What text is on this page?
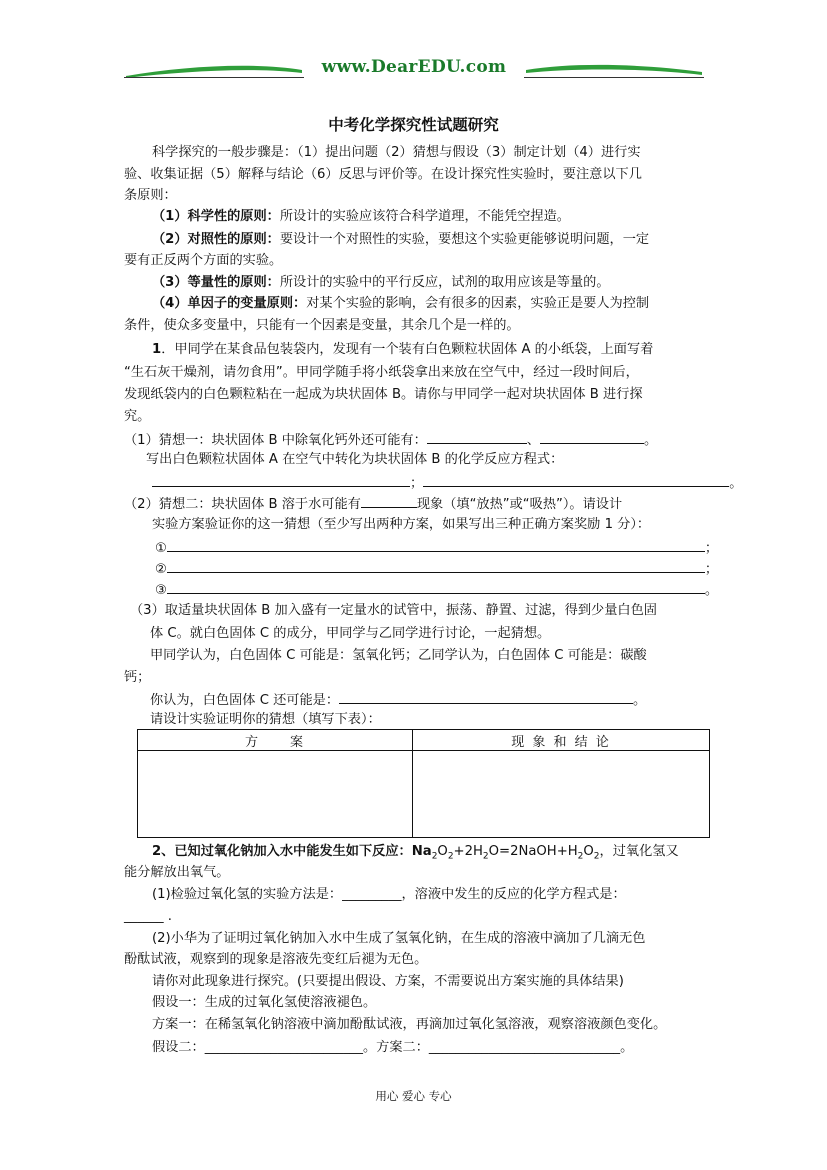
www.DearEDU.com
中考化学探究性试题研究
科学探究的一般步骤是：（1）提出问题（2）猜想与假设（3）制定计划（4）进行实
验、收集证据（5）解释与结论（6）反思与评价等。在设计探究性实验时，要注意以下几
条原则：
（1）科学性的原则：所设计的实验应该符合科学道理，不能凭空捏造。
（2）对照性的原则：要设计一个对照性的实验，要想这个实验更能够说明问题，一定
要有正反两个方面的实验。
（3）等量性的原则：所设计的实验中的平行反应，试剂的取用应该是等量的。
（4）单因子的变量原则：对某个实验的影响，会有很多的因素，实验正是要人为控制
条件，使众多变量中，只能有一个因素是变量，其余几个是一样的。
1．甲同学在某食品包装袋内，发现有一个装有白色颗粒状固体 A 的小纸袋，上面写着
“生石灰干燥剂，请勿食用”。甲同学随手将小纸袋拿出来放在空气中，经过一段时间后，
发现纸袋内的白色颗粒粘在一起成为块状固体 B。请你与甲同学一起对块状固体 B 进行探
究。
（1）猜想一：块状固体 B 中除氧化钙外还可能有：	、	。
写出白色颗粒状固体 A 在空气中转化为块状固体 B 的化学反应方程式：
；	。
（2）猜想二：块状固体 B 溶于水可能有	现象（填“放热”或“吸热”）。请设计
实验方案验证你的这一猜想（至少写出两种方案，如果写出三种正确方案奖励 1 分）：
①	；
②	；
③	。
（3）取适量块状固体 B 加入盛有一定量水的试管中，振荡、静置、过滤，得到少量白色固
体 C。就白色固体 C 的成分，甲同学与乙同学进行讨论，一起猜想。
甲同学认为，白色固体 C 可能是：氢氧化钙；乙同学认为，白色固体 C 可能是：碳酸
钙；
你认为，白色固体 C 还可能是：	。
请设计实验证明你的猜想（填写下表）：
方　　案	现 象 和 结 论

2、已知过氧化钠加入水中能发生如下反应：$Na_2O_2+2H_2O=2NaOH+H_2O_2$，过氧化氢又
能分解放出氧气。
(1)检验过氧化氢的实验方法是：_________，溶液中发生的反应的化学方程式是：
______ .
(2)小华为了证明过氧化钠加入水中生成了氢氧化钠，在生成的溶液中滴加了几滴无色
酚酞试液，观察到的现象是溶液先变红后褪为无色。
请你对此现象进行探究。(只要提出假设、方案，不需要说出方案实施的具体结果)
假设一：生成的过氧化氢使溶液褪色。
方案一：在稀氢氧化钠溶液中滴加酚酞试液，再滴加过氧化氢溶液，观察溶液颜色变化。
假设二：________________________。方案二：_____________________________。
用心 爱心 专心
